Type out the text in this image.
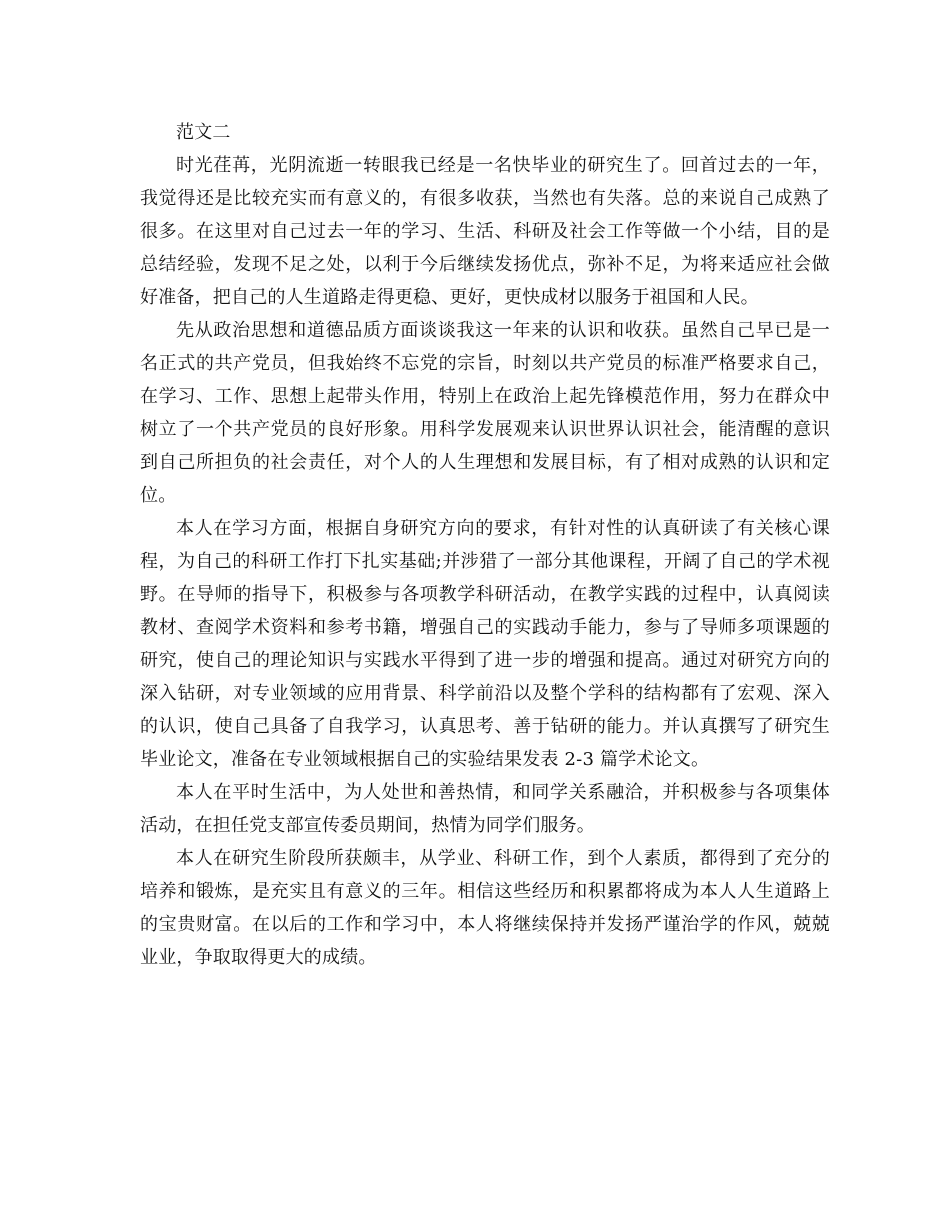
范文二

时光荏苒，光阴流逝一转眼我已经是一名快毕业的研究生了。回首过去的一年，我觉得还是比较充实而有意义的，有很多收获，当然也有失落。总的来说自己成熟了很多。在这里对自己过去一年的学习、生活、科研及社会工作等做一个小结，目的是总结经验，发现不足之处，以利于今后继续发扬优点，弥补不足，为将来适应社会做好准备，把自己的人生道路走得更稳、更好，更快成材以服务于祖国和人民。

先从政治思想和道德品质方面谈谈我这一年来的认识和收获。虽然自己早已是一名正式的共产党员，但我始终不忘党的宗旨，时刻以共产党员的标准严格要求自己，在学习、工作、思想上起带头作用，特别上在政治上起先锋模范作用，努力在群众中树立了一个共产党员的良好形象。用科学发展观来认识世界认识社会，能清醒的意识到自己所担负的社会责任，对个人的人生理想和发展目标，有了相对成熟的认识和定位。

本人在学习方面，根据自身研究方向的要求，有针对性的认真研读了有关核心课程，为自己的科研工作打下扎实基础;并涉猎了一部分其他课程，开阔了自己的学术视野。在导师的指导下，积极参与各项教学科研活动，在教学实践的过程中，认真阅读教材、查阅学术资料和参考书籍，增强自己的实践动手能力，参与了导师多项课题的研究，使自己的理论知识与实践水平得到了进一步的增强和提高。通过对研究方向的深入钻研，对专业领域的应用背景、科学前沿以及整个学科的结构都有了宏观、深入的认识，使自己具备了自我学习，认真思考、善于钻研的能力。并认真撰写了研究生毕业论文，准备在专业领域根据自己的实验结果发表 2-3 篇学术论文。

本人在平时生活中，为人处世和善热情，和同学关系融洽，并积极参与各项集体活动，在担任党支部宣传委员期间，热情为同学们服务。

本人在研究生阶段所获颇丰，从学业、科研工作，到个人素质，都得到了充分的培养和锻炼，是充实且有意义的三年。相信这些经历和积累都将成为本人人生道路上的宝贵财富。在以后的工作和学习中，本人将继续保持并发扬严谨治学的作风，兢兢业业，争取取得更大的成绩。
